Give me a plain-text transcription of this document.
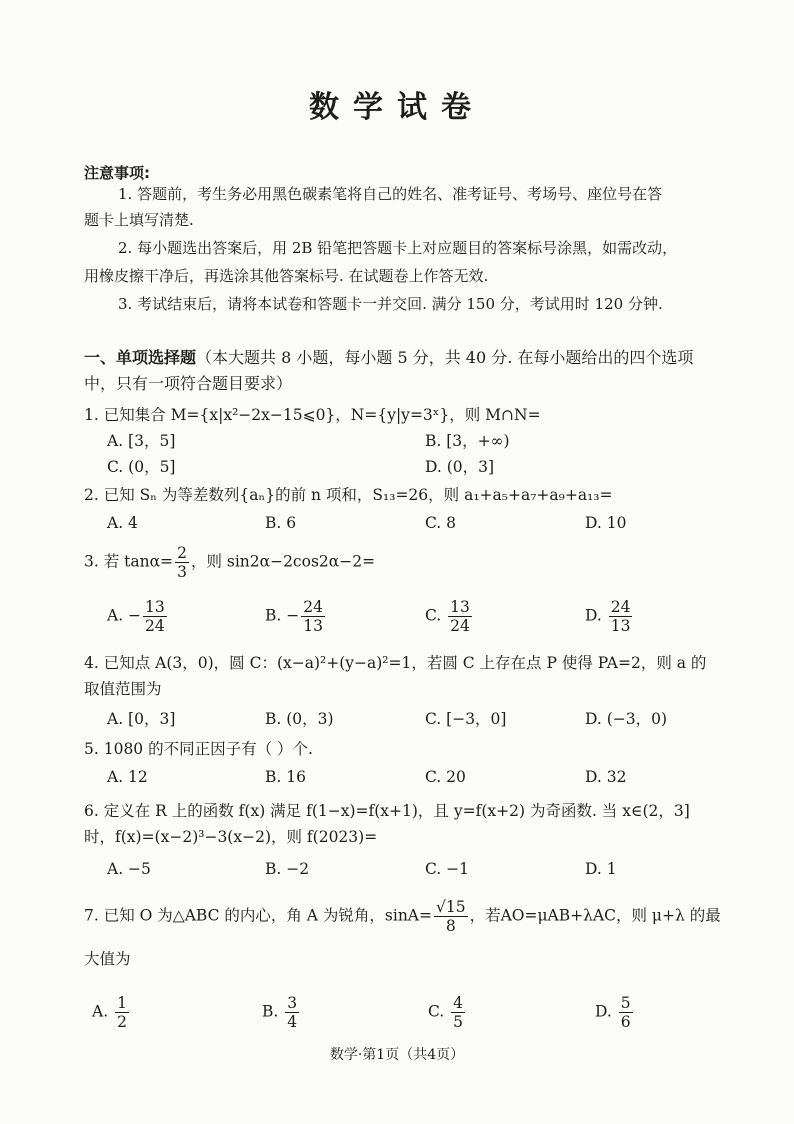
数学试卷
注意事项:
1. 答题前，考生务必用黑色碳素笔将自己的姓名、准考证号、考场号、座位号在答
题卡上填写清楚.
2. 每小题选出答案后，用 2B 铅笔把答题卡上对应题目的答案标号涂黑，如需改动，
用橡皮擦干净后，再选涂其他答案标号. 在试题卷上作答无效.
3. 考试结束后，请将本试卷和答题卡一并交回. 满分 150 分，考试用时 120 分钟.
一、单项选择题（本大题共 8 小题，每小题 5 分，共 40 分. 在每小题给出的四个选项
中，只有一项符合题目要求）
1. 已知集合 M={x|x²−2x−15⩽0}，N={y|y=3ˣ}，则 M∩N=
A. [3，5]	B. [3，+∞)
C. (0，5]	D. (0，3]
2. 已知 Sₙ 为等差数列{aₙ}的前 n 项和，S₁₃=26，则 a₁+a₅+a₇+a₉+a₁₃=
A. 4	B. 6	C. 8	D. 10
3. 若 $\tan\alpha= \frac{2}{3}$ ，则 sin2α−2cos2α−2=
A. − $\frac{13}{24}$	B. − $\frac{24}{13}$	C. $\frac{13}{24}$	D. $\frac{24}{13}$
4. 已知点 A(3，0)，圆 C：(x−a)²+(y−a)²=1，若圆 C 上存在点 P 使得 PA=2，则 a 的
取值范围为
A. [0，3]	B. (0，3)	C. [−3，0]	D. (−3，0)
5. 1080 的不同正因子有（ ）个.
A. 12	B. 16	C. 20	D. 32
6. 定义在 R 上的函数 f(x) 满足 f(1−x)=f(x+1)，且 y=f(x+2) 为奇函数. 当 x∈(2，3]
时，f(x)=(x−2)³−3(x−2)，则 f(2023)=
A. −5	B. −2	C. −1	D. 1
7. 已知 O 为△ABC 的内心，角 A 为锐角，$\sin A= \frac{√15}{8}$ ，若AO=μAB+λAC，则 μ+λ 的最
大值为
A. $\frac{1}{2}$	B. $\frac{3}{4}$	C. $\frac{4}{5}$	D. $\frac{5}{6}$
数学·第1页（共4页）
